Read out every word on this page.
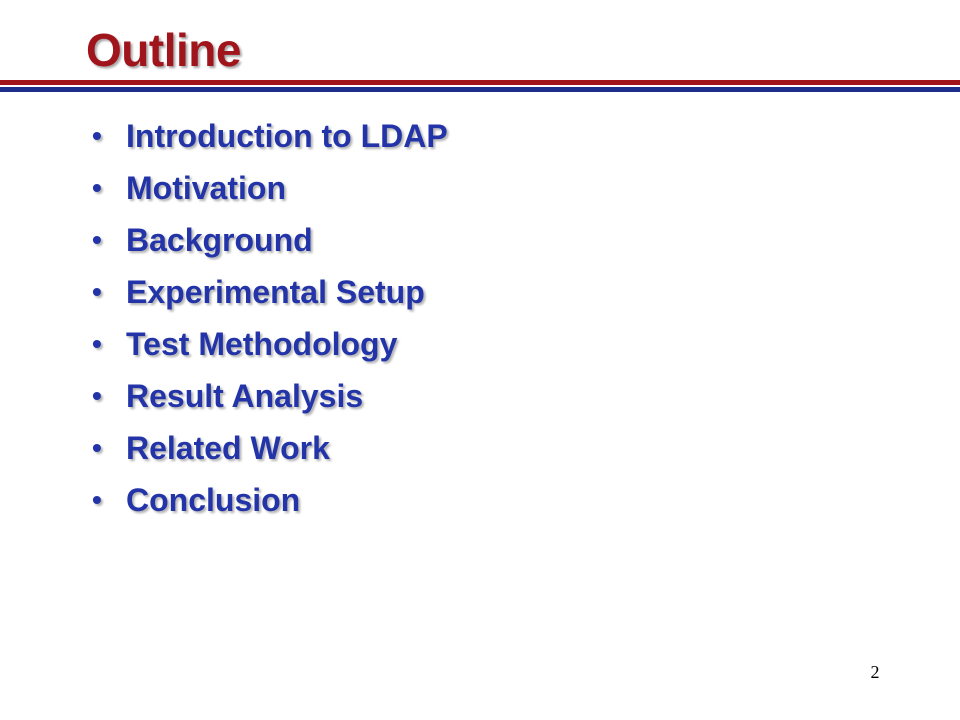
Outline
• Introduction to LDAP
• Motivation
• Background
• Experimental Setup
• Test Methodology
• Result Analysis
• Related Work
• Conclusion
2
